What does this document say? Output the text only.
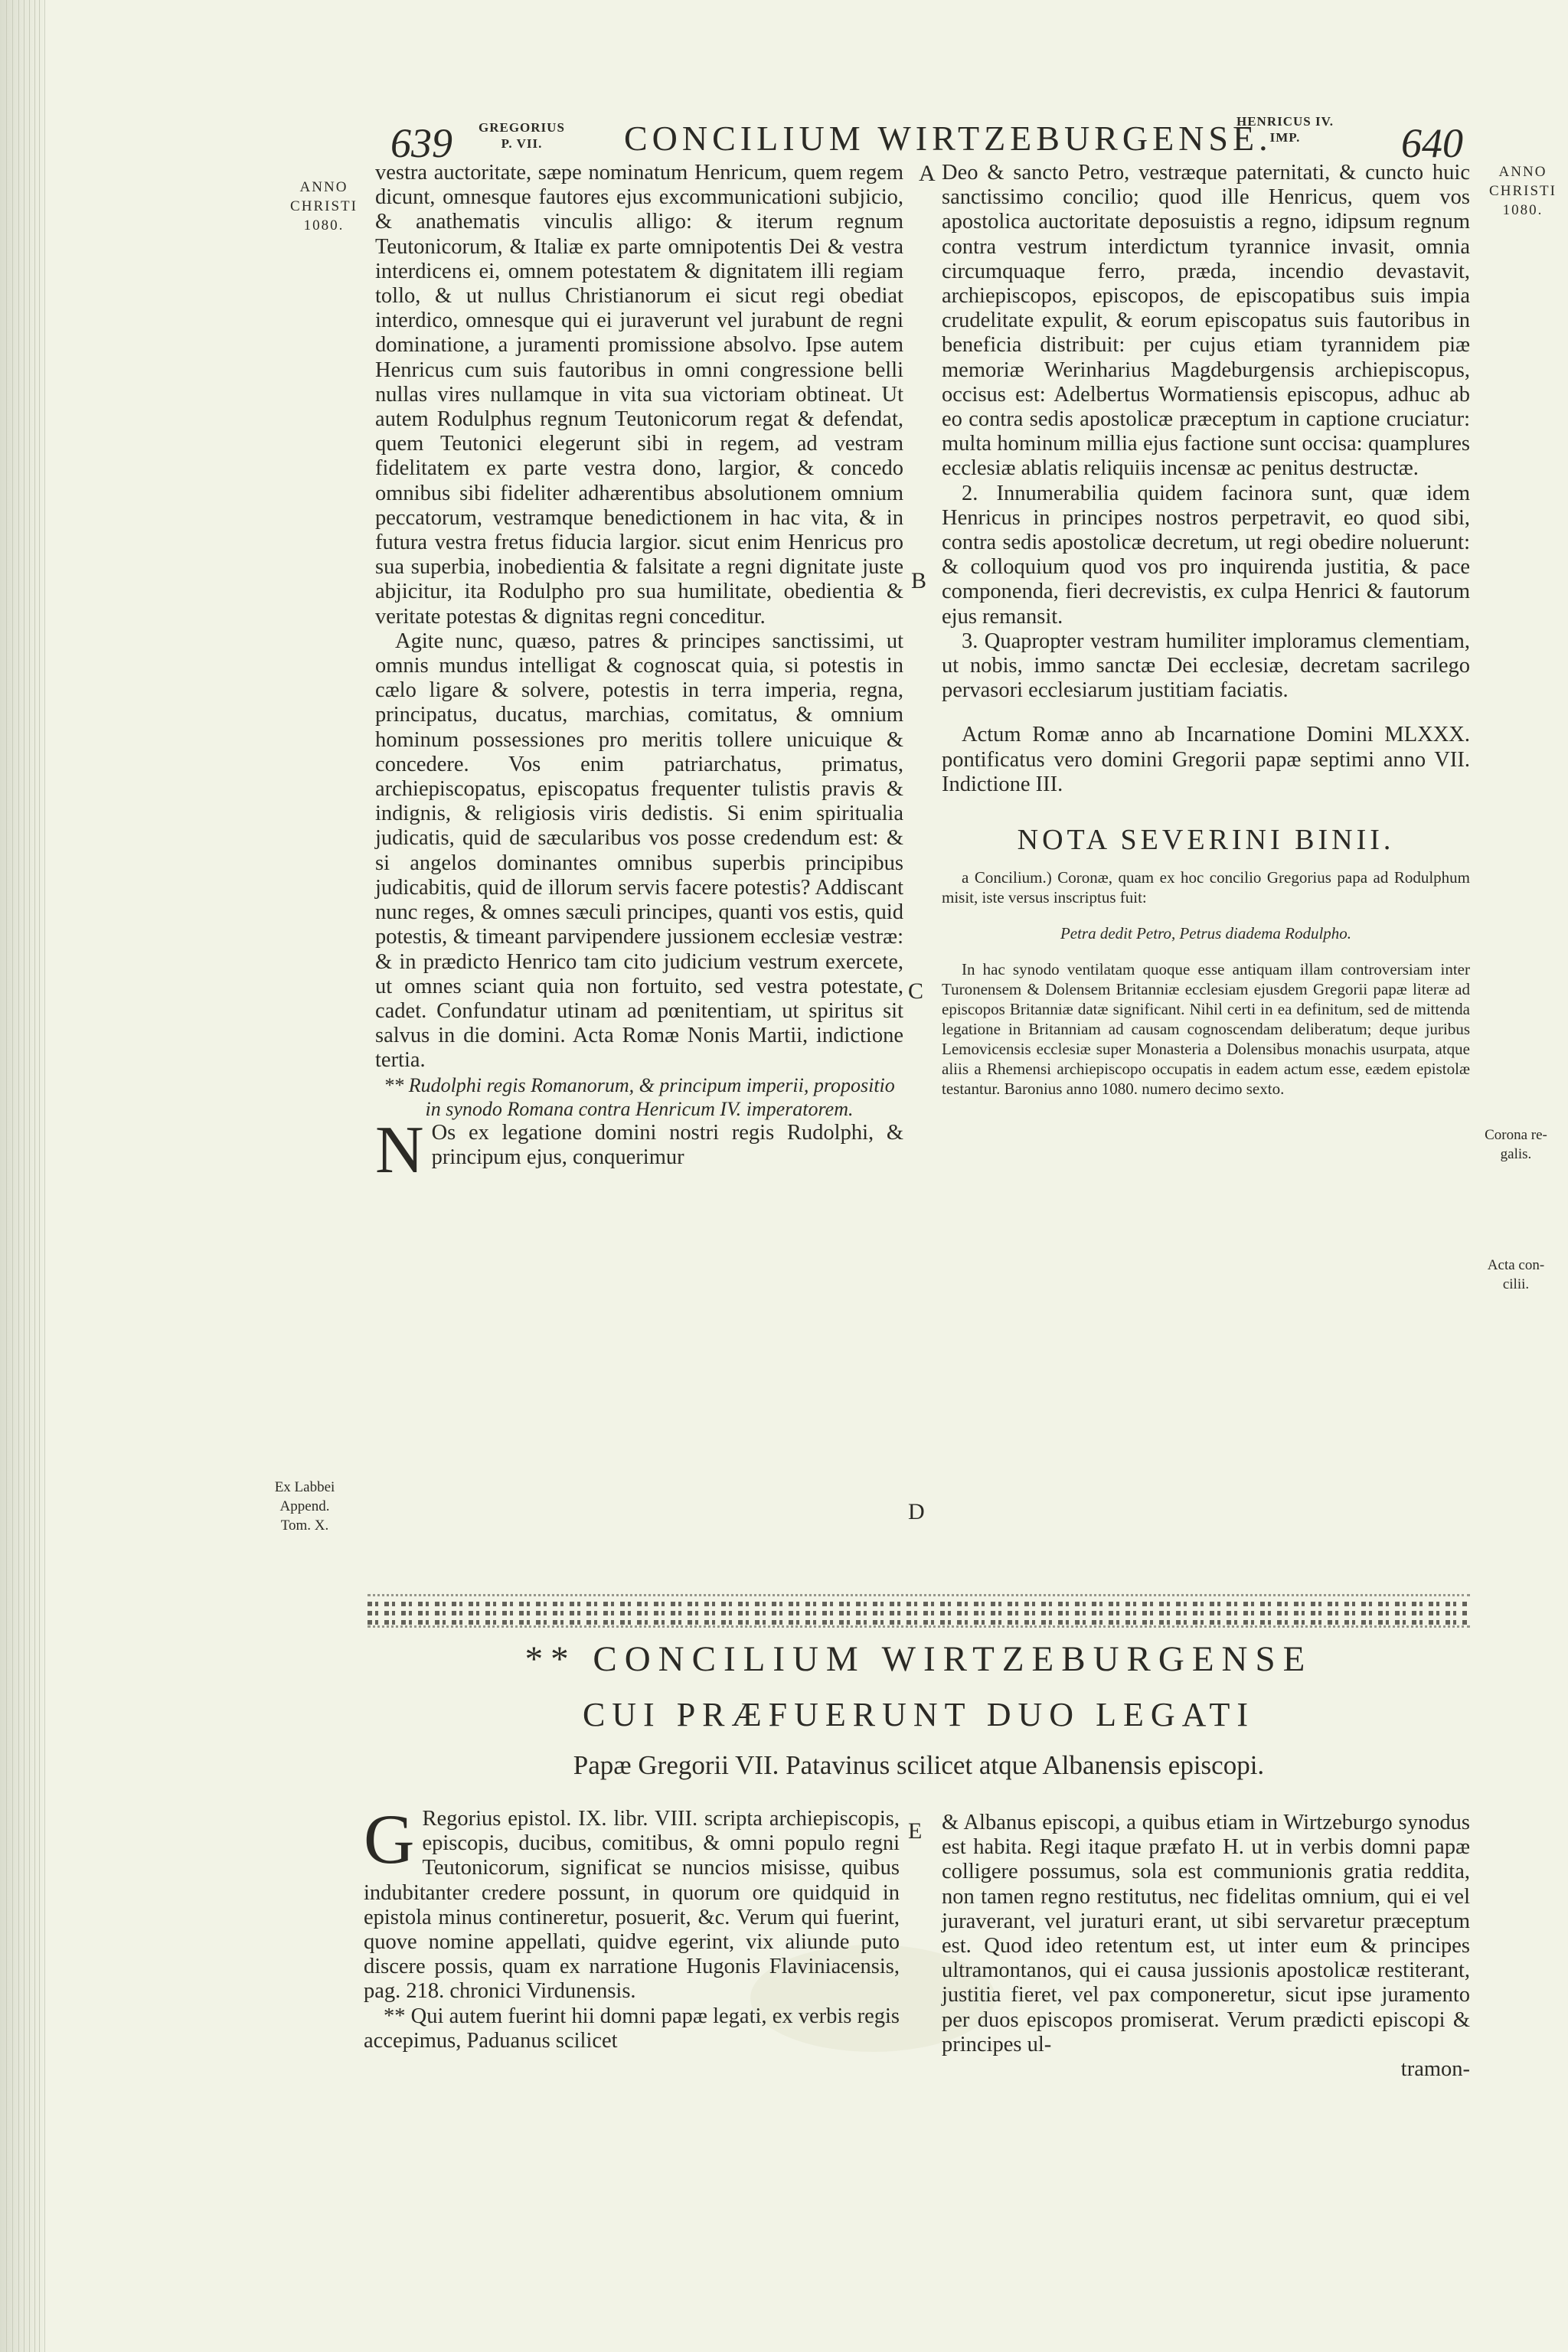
639 GREGORIUS
P. VII.	CONCILIUM WIRTZEBURGENSE.
HENRICUS IV.
IMP.	640
ANNO
CHRISTI
1080.
ANNO
CHRISTI
1080.
Ex Labbei
Append.
Tom. X.
Corona re-
galis.
Acta con-
cilii.
A
B
C
D
E

vestra auctoritate, sæpe nominatum Henricum, quem regem dicunt, omnesque fautores ejus excommunicationi subjicio, & anathematis vinculis alligo: & iterum regnum Teutonicorum, & Italiæ ex parte omnipotentis Dei & vestra interdicens ei, omnem potestatem & dignitatem illi regiam tollo, & ut nullus Christianorum ei sicut regi obediat interdico, omnesque qui ei juraverunt vel jurabunt de regni dominatione, a juramenti promissione absolvo. Ipse autem Henricus cum suis fautoribus in omni congressione belli nullas vires nullamque in vita sua victoriam obtineat. Ut autem Rodulphus regnum Teutonicorum regat & defendat, quem Teutonici elegerunt sibi in regem, ad vestram fidelitatem ex parte vestra dono, largior, & concedo omnibus sibi fideliter adhærentibus absolutionem omnium peccatorum, vestramque benedictionem in hac vita, & in futura vestra fretus fiducia largior. sicut enim Henricus pro sua superbia, inobedientia & falsitate a regni dignitate juste abjicitur, ita Rodulpho pro sua humilitate, obedientia & veritate potestas & dignitas regni conceditur.

Agite nunc, quæso, patres & principes sanctissimi, ut omnis mundus intelligat & cognoscat quia, si potestis in cælo ligare & solvere, potestis in terra imperia, regna, principatus, ducatus, marchias, comitatus, & omnium hominum possessiones pro meritis tollere unicuique & concedere. Vos enim patriarchatus, primatus, archiepiscopatus, episcopatus frequenter tulistis pravis & indignis, & religiosis viris dedistis. Si enim spiritualia judicatis, quid de sæcularibus vos posse credendum est: & si angelos dominantes omnibus superbis principibus judicabitis, quid de illorum servis facere potestis? Addiscant nunc reges, & omnes sæculi principes, quanti vos estis, quid potestis, & timeant parvipendere jussionem ecclesiæ vestræ: & in prædicto Henrico tam cito judicium vestrum exercete, ut omnes sciant quia non fortuito, sed vestra potestate, cadet. Confundatur utinam ad pœnitentiam, ut spiritus sit salvus in die domini. Acta Romæ Nonis Martii, indictione tertia.

** Rudolphi regis Romanorum, & principum imperii, propositio in synodo Romana contra Henricum IV. imperatorem.

N Os ex legatione domini nostri regis Rudolphi, & principum ejus, conquerimur

Deo & sancto Petro, vestræque paternitati, & cuncto huic sanctissimo concilio; quod ille Henricus, quem vos apostolica auctoritate deposuistis a regno, idipsum regnum contra vestrum interdictum tyrannice invasit, omnia circumquaque ferro, præda, incendio devastavit, archiepiscopos, episcopos, de episcopatibus suis impia crudelitate expulit, & eorum episcopatus suis fautoribus in beneficia distribuit: per cujus etiam tyrannidem piæ memoriæ Werinharius Magdeburgensis archiepiscopus, occisus est: Adelbertus Wormatiensis episcopus, adhuc ab eo contra sedis apostolicæ præceptum in captione cruciatur: multa hominum millia ejus factione sunt occisa: quamplures ecclesiæ ablatis reliquiis incensæ ac penitus destructæ.

2. Innumerabilia quidem facinora sunt, quæ idem Henricus in principes nostros perpetravit, eo quod sibi, contra sedis apostolicæ decretum, ut regi obedire noluerunt: & colloquium quod vos pro inquirenda justitia, & pace componenda, fieri decrevistis, ex culpa Henrici & fautorum ejus remansit.

3. Quapropter vestram humiliter imploramus clementiam, ut nobis, immo sanctæ Dei ecclesiæ, decretam sacrilego pervasori ecclesiarum justitiam faciatis.

Actum Romæ anno ab Incarnatione Domini MLXXX. pontificatus vero domini Gregorii papæ septimi anno VII. Indictione III.

NOTA SEVERINI BINII.

a Concilium.) Coronæ, quam ex hoc concilio Gregorius papa ad Rodulphum misit, iste versus inscriptus fuit:

Petra dedit Petro, Petrus diadema Rodulpho.

In hac synodo ventilatam quoque esse antiquam illam controversiam inter Turonensem & Dolensem Britanniæ ecclesiam ejusdem Gregorii papæ literæ ad episcopos Britanniæ datæ significant. Nihil certi in ea definitum, sed de mittenda legatione in Britanniam ad causam cognoscendam deliberatum; deque juribus Lemovicensis ecclesiæ super Monasteria a Dolensibus monachis usurpata, atque aliis a Rhemensi archiepiscopo occupatis in eadem actum esse, eædem epistolæ testantur. Baronius anno 1080. numero decimo sexto.

** CONCILIUM WIRTZEBURGENSE
CUI PRÆFUERUNT DUO LEGATI
Papæ Gregorii VII. Patavinus scilicet atque Albanensis episcopi.

G Regorius epistol. IX. libr. VIII. scripta archiepiscopis, episcopis, ducibus, comitibus, & omni populo regni Teutonicorum, significat se nuncios misisse, quibus indubitanter credere possunt, in quorum ore quidquid in epistola minus contineretur, posuerit, &c. Verum qui fuerint, quove nomine appellati, quidve egerint, vix aliunde puto discere possis, quam ex narratione Hugonis Flaviniacensis, pag. 218. chronici Virdunensis.

** Qui autem fuerint hii domni papæ legati, ex verbis regis accepimus, Paduanus scilicet

& Albanus episcopi, a quibus etiam in Wirtzeburgo synodus est habita. Regi itaque præfato H. ut in verbis domni papæ colligere possumus, sola est communionis gratia reddita, non tamen regno restitutus, nec fidelitas omnium, qui ei vel juraverant, vel juraturi erant, ut sibi servaretur præceptum est. Quod ideo retentum est, ut inter eum & principes ultramontanos, qui ei causa jussionis apostolicæ restiterant, justitia fieret, vel pax componeretur, sicut ipse juramento per duos episcopos promiserat. Verum prædicti episcopi & principes ul-

tramon-
